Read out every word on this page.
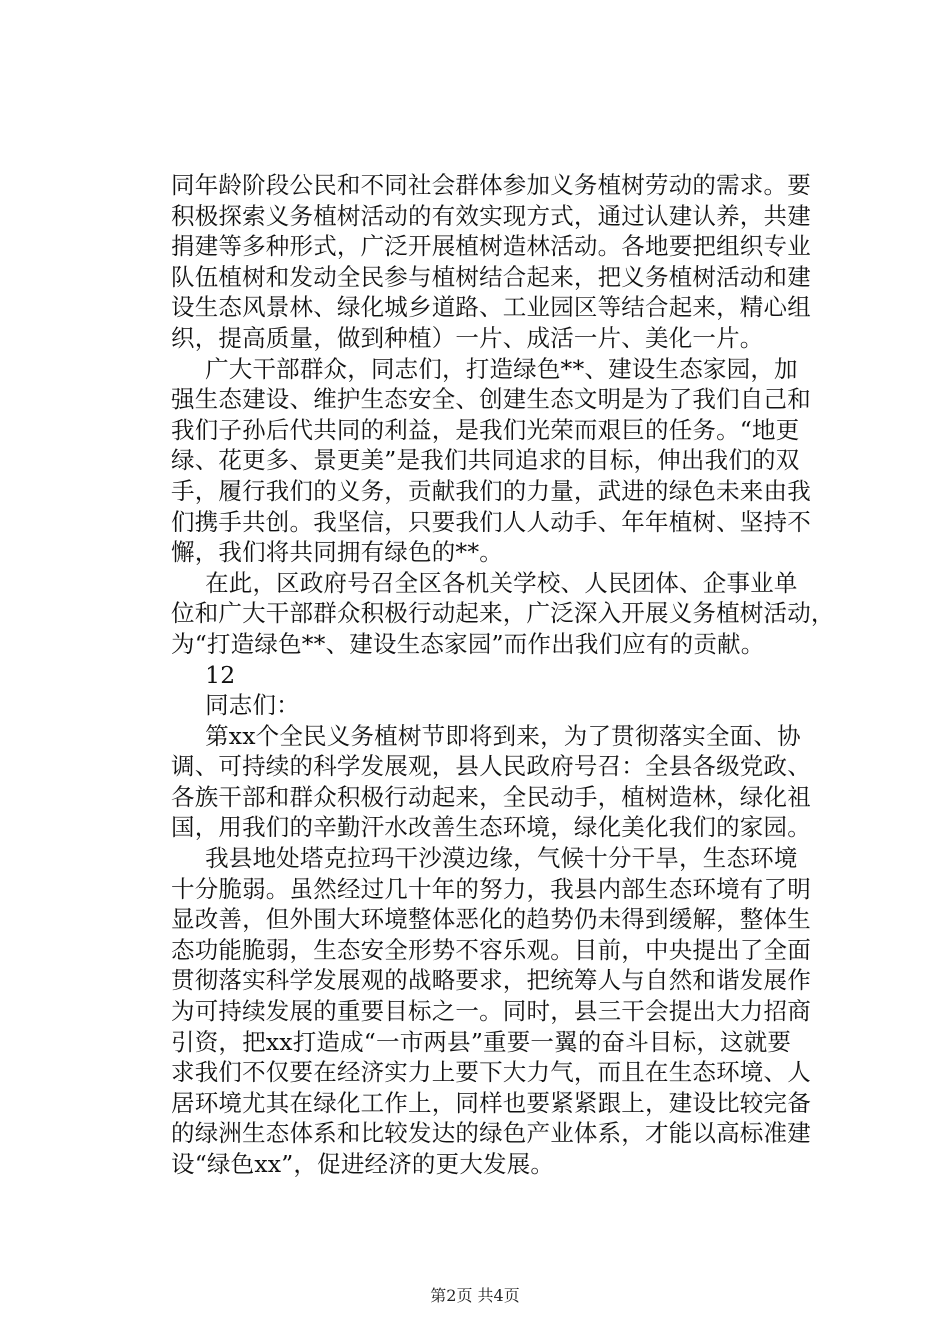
同年龄阶段公民和不同社会群体参加义务植树劳动的需求。要
积极探索义务植树活动的有效实现方式，通过认建认养，共建
捐建等多种形式，广泛开展植树造林活动。各地要把组织专业
队伍植树和发动全民参与植树结合起来，把义务植树活动和建
设生态风景林、绿化城乡道路、工业园区等结合起来，精心组
织，提高质量，做到种植）一片、成活一片、美化一片。
广大干部群众，同志们，打造绿色**、建设生态家园，加
强生态建设、维护生态安全、创建生态文明是为了我们自己和
我们子孙后代共同的利益，是我们光荣而艰巨的任务。“地更
绿、花更多、景更美”是我们共同追求的目标，伸出我们的双
手，履行我们的义务，贡献我们的力量，武进的绿色未来由我
们携手共创。我坚信，只要我们人人动手、年年植树、坚持不
懈，我们将共同拥有绿色的**。
在此，区政府号召全区各机关学校、人民团体、企事业单
位和广大干部群众积极行动起来，广泛深入开展义务植树活动，
为“打造绿色**、建设生态家园”而作出我们应有的贡献。
12
同志们：
第xx个全民义务植树节即将到来，为了贯彻落实全面、协
调、可持续的科学发展观，县人民政府号召：全县各级党政、
各族干部和群众积极行动起来，全民动手，植树造林，绿化祖
国，用我们的辛勤汗水改善生态环境，绿化美化我们的家园。
我县地处塔克拉玛干沙漠边缘，气候十分干旱，生态环境
十分脆弱。虽然经过几十年的努力，我县内部生态环境有了明
显改善，但外围大环境整体恶化的趋势仍未得到缓解，整体生
态功能脆弱，生态安全形势不容乐观。目前，中央提出了全面
贯彻落实科学发展观的战略要求，把统筹人与自然和谐发展作
为可持续发展的重要目标之一。同时，县三干会提出大力招商
引资，把xx打造成“一市两县”重要一翼的奋斗目标，这就要
求我们不仅要在经济实力上要下大力气，而且在生态环境、人
居环境尤其在绿化工作上，同样也要紧紧跟上，建设比较完备
的绿洲生态体系和比较发达的绿色产业体系，才能以高标准建
设“绿色xx”，促进经济的更大发展。
第2页 共4页
